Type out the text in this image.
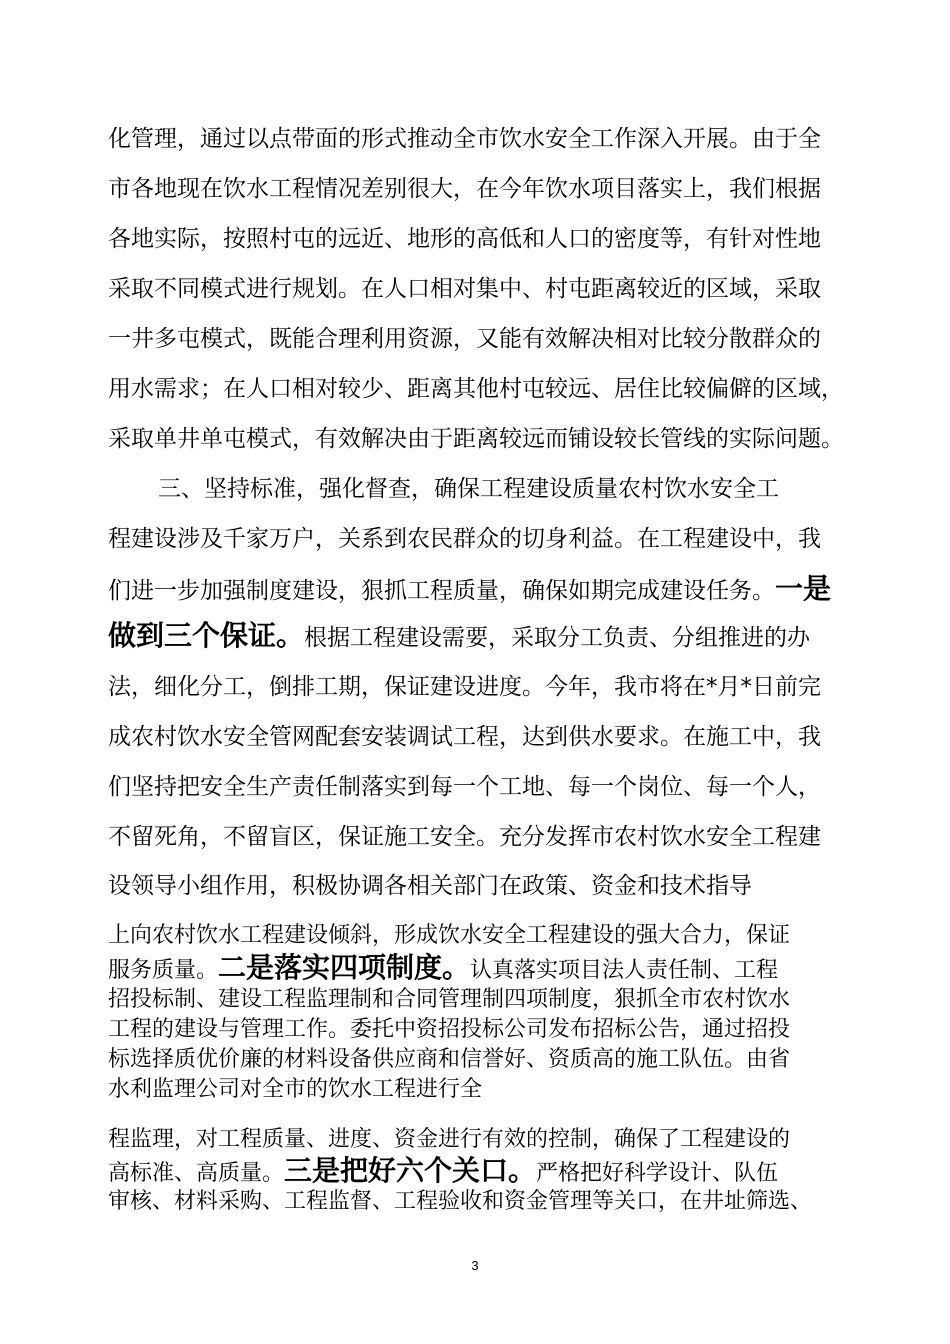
化管理，通过以点带面的形式推动全市饮水安全工作深入开展。由于全
市各地现在饮水工程情况差别很大，在今年饮水项目落实上，我们根据
各地实际，按照村屯的远近、地形的高低和人口的密度等，有针对性地
采取不同模式进行规划。在人口相对集中、村屯距离较近的区域，采取
一井多屯模式，既能合理利用资源，又能有效解决相对比较分散群众的
用水需求；在人口相对较少、距离其他村屯较远、居住比较偏僻的区域，
采取单井单屯模式，有效解决由于距离较远而铺设较长管线的实际问题。
三、坚持标准，强化督查，确保工程建设质量农村饮水安全工
程建设涉及千家万户，关系到农民群众的切身利益。在工程建设中，我
们进一步加强制度建设，狠抓工程质量，确保如期完成建设任务。一是
做到三个保证。根据工程建设需要，采取分工负责、分组推进的办
法，细化分工，倒排工期，保证建设进度。今年，我市将在*月*日前完
成农村饮水安全管网配套安装调试工程，达到供水要求。在施工中，我
们坚持把安全生产责任制落实到每一个工地、每一个岗位、每一个人，
不留死角，不留盲区，保证施工安全。充分发挥市农村饮水安全工程建
设领导小组作用，积极协调各相关部门在政策、资金和技术指导
上向农村饮水工程建设倾斜，形成饮水安全工程建设的强大合力，保证
服务质量。二是落实四项制度。认真落实项目法人责任制、工程
招投标制、建设工程监理制和合同管理制四项制度，狠抓全市农村饮水
工程的建设与管理工作。委托中资招投标公司发布招标公告，通过招投
标选择质优价廉的材料设备供应商和信誉好、资质高的施工队伍。由省
水利监理公司对全市的饮水工程进行全
程监理，对工程质量、进度、资金进行有效的控制，确保了工程建设的
高标准、高质量。三是把好六个关口。严格把好科学设计、队伍
审核、材料采购、工程监督、工程验收和资金管理等关口，在井址筛选、
3
